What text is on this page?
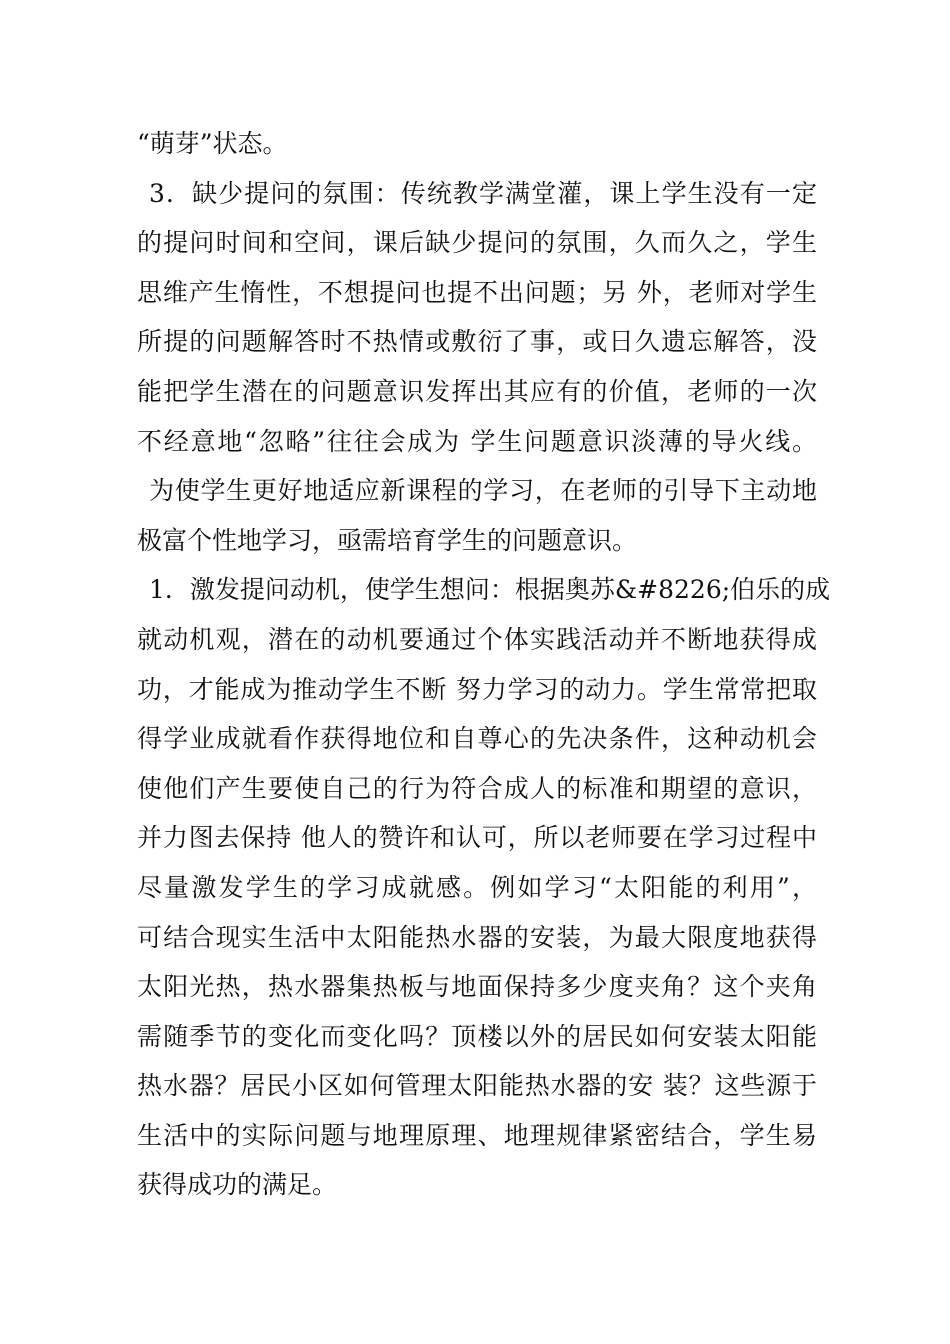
“萌芽”状态。
3．缺少提问的氛围：传统教学满堂灌，课上学生没有一定
的提问时间和空间，课后缺少提问的氛围，久而久之，学生
思维产生惰性，不想提问也提不出问题；另 外，老师对学生
所提的问题解答时不热情或敷衍了事，或日久遗忘解答，没
能把学生潜在的问题意识发挥出其应有的价值，老师的一次
不经意地“忽略”往往会成为 学生问题意识淡薄的导火线。
为使学生更好地适应新课程的学习，在老师的引导下主动地
极富个性地学习，亟需培育学生的问题意识。
1．激发提问动机，使学生想问：根据奥苏&#8226;伯乐的成
就动机观，潜在的动机要通过个体实践活动并不断地获得成
功，才能成为推动学生不断 努力学习的动力。学生常常把取
得学业成就看作获得地位和自尊心的先决条件，这种动机会
使他们产生要使自己的行为符合成人的标准和期望的意识，
并力图去保持 他人的赞许和认可，所以老师要在学习过程中
尽量激发学生的学习成就感。例如学习“太阳能的利用”，
可结合现实生活中太阳能热水器的安装，为最大限度地获得
太阳光热，热水器集热板与地面保持多少度夹角？这个夹角
需随季节的变化而变化吗？顶楼以外的居民如何安装太阳能
热水器？居民小区如何管理太阳能热水器的安 装？这些源于
生活中的实际问题与地理原理、地理规律紧密结合，学生易
获得成功的满足。
